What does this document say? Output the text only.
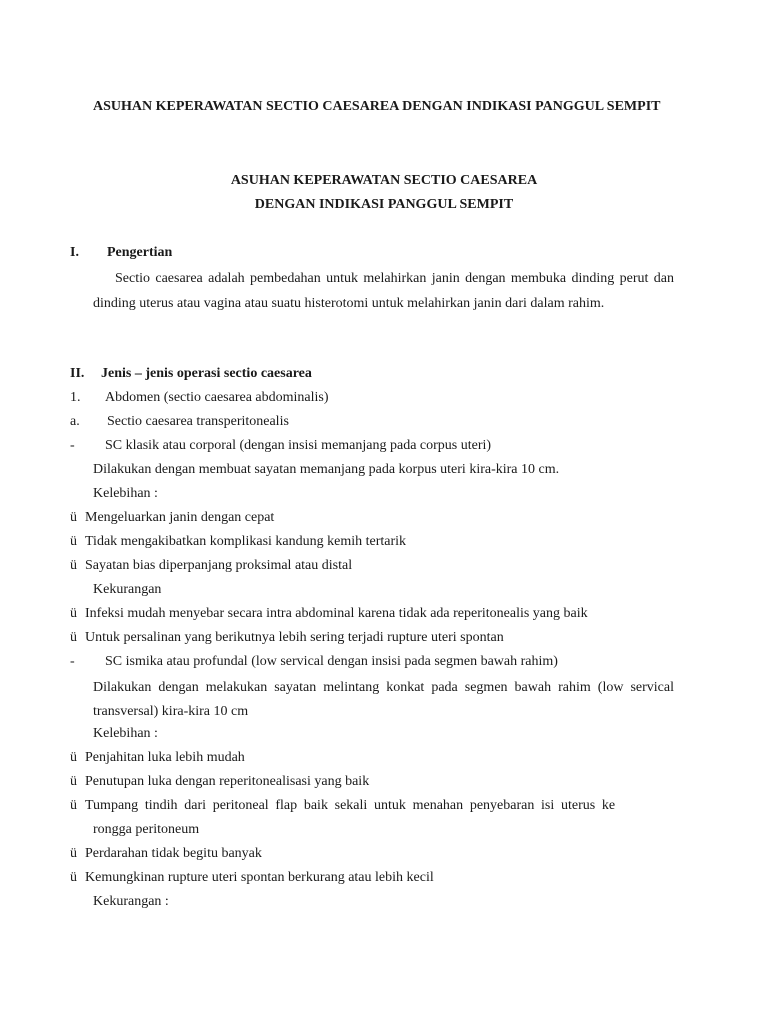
ASUHAN KEPERAWATAN SECTIO CAESAREA DENGAN INDIKASI PANGGUL SEMPIT

ASUHAN KEPERAWATAN SECTIO CAESAREA

DENGAN INDIKASI PANGGUL SEMPIT

I. Pengertian

Sectio caesarea adalah pembedahan untuk melahirkan janin dengan membuka dinding perut dan dinding uterus atau vagina atau suatu histerotomi untuk melahirkan janin dari dalam rahim.

II. Jenis – jenis operasi sectio caesarea
1. Abdomen (sectio caesarea abdominalis)
a. Sectio caesarea transperitonealis
- SC klasik atau corporal (dengan insisi memanjang pada corpus uteri)
Dilakukan dengan membuat sayatan memanjang pada korpus uteri kira-kira 10 cm.
Kelebihan :
ü Mengeluarkan janin dengan cepat
ü Tidak mengakibatkan komplikasi kandung kemih tertarik
ü Sayatan bias diperpanjang proksimal atau distal
Kekurangan
ü Infeksi mudah menyebar secara intra abdominal karena tidak ada reperitonealis yang baik
ü Untuk persalinan yang berikutnya lebih sering terjadi rupture uteri spontan
- SC ismika atau profundal (low servical dengan insisi pada segmen bawah rahim)

Dilakukan dengan melakukan sayatan melintang konkat pada segmen bawah rahim (low servical transversal) kira-kira 10 cm

Kelebihan :
ü Penjahitan luka lebih mudah
ü Penutupan luka dengan reperitonealisasi yang baik
ü Tumpang tindih dari peritoneal flap baik sekali untuk menahan penyebaran isi uterus ke
rongga peritoneum
ü Perdarahan tidak begitu banyak
ü Kemungkinan rupture uteri spontan berkurang atau lebih kecil
Kekurangan :
